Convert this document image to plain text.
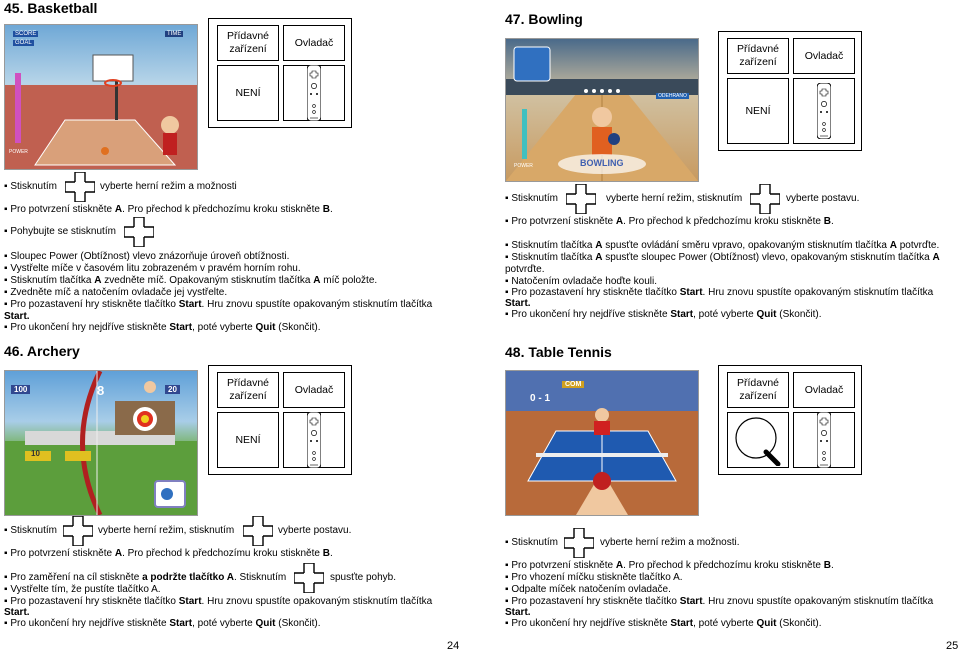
45. Basketball
SCORE
GOAL
TIME
POWER
Přídavné zařízení
Ovladač
NENÍ
▪ Stisknutím	vyberte herní režim a možnosti
▪ Pro potvrzení stiskněte A. Pro přechod k předchozímu kroku stiskněte B.
▪ Pohybujte se stisknutím
▪ Sloupec Power (Obtížnost) vlevo znázorňuje úroveň obtížnosti.
▪ Vystřelte míče v časovém litu zobrazeném v pravém horním rohu.
▪ Stisknutím tlačítka A zvedněte míč. Opakovaným stisknutím tlačítka A míč položte.
▪ Zvedněte míč a natočením ovladače jej vystřelte.
▪ Pro pozastavení hry stiskněte tlačítko Start. Hru znovu spustíte opakovaným stisknutím tlačítka
Start.
▪ Pro ukončení hry nejdříve stiskněte Start, poté vyberte Quit (Skončit).
46. Archery
100	8	20
10
Přídavné zařízení
Ovladač
NENÍ
▪ Stisknutím	vyberte herní režim, stisknutím	vyberte postavu.
▪ Pro potvrzení stiskněte A. Pro přechod k předchozímu kroku stiskněte B.
▪ Pro zaměření na cíl stiskněte a podržte tlačítko A. Stisknutím	spusťte pohyb.
▪ Vystřelte tím, že pustíte tlačítko A.
▪ Pro pozastavení hry stiskněte tlačítko Start. Hru znovu spustíte opakovaným stisknutím tlačítka
Start.
▪ Pro ukončení hry nejdříve stiskněte Start, poté vyberte Quit (Skončit).
24
47. Bowling
BOWLING
ODEHRANO
POWER
Přídavné zařízení
Ovladač
NENÍ
▪ Stisknutím	vyberte herní režim, stisknutím	vyberte postavu.
▪ Pro potvrzení stiskněte A. Pro přechod k předchozímu kroku stiskněte B.
▪ Stisknutím tlačítka A spusťte ovládání směru vpravo, opakovaným stisknutím tlačítka A potvrďte.
▪ Stisknutím tlačítka A spusťte sloupec Power (Obtížnost) vlevo, opakovaným stisknutím tlačítka A
potvrďte.
▪ Natočením ovladače hoďte kouli.
▪ Pro pozastavení hry stiskněte tlačítko Start. Hru znovu spustíte opakovaným stisknutím tlačítka
Start.
▪ Pro ukončení hry nejdříve stiskněte Start, poté vyberte Quit (Skončit).
48. Table Tennis
COM
0 - 1
Přídavné zařízení
Ovladač
▪ Stisknutím	vyberte herní režim a možnosti.
▪ Pro potvrzení stiskněte A. Pro přechod k předchozímu kroku stiskněte B.
▪ Pro vhození míčku stiskněte tlačítko A.
▪ Odpalte míček natočením ovladače.
▪ Pro pozastavení hry stiskněte tlačítko Start. Hru znovu spustíte opakovaným stisknutím tlačítka
Start.
▪ Pro ukončení hry nejdříve stiskněte Start, poté vyberte Quit (Skončit).
25
